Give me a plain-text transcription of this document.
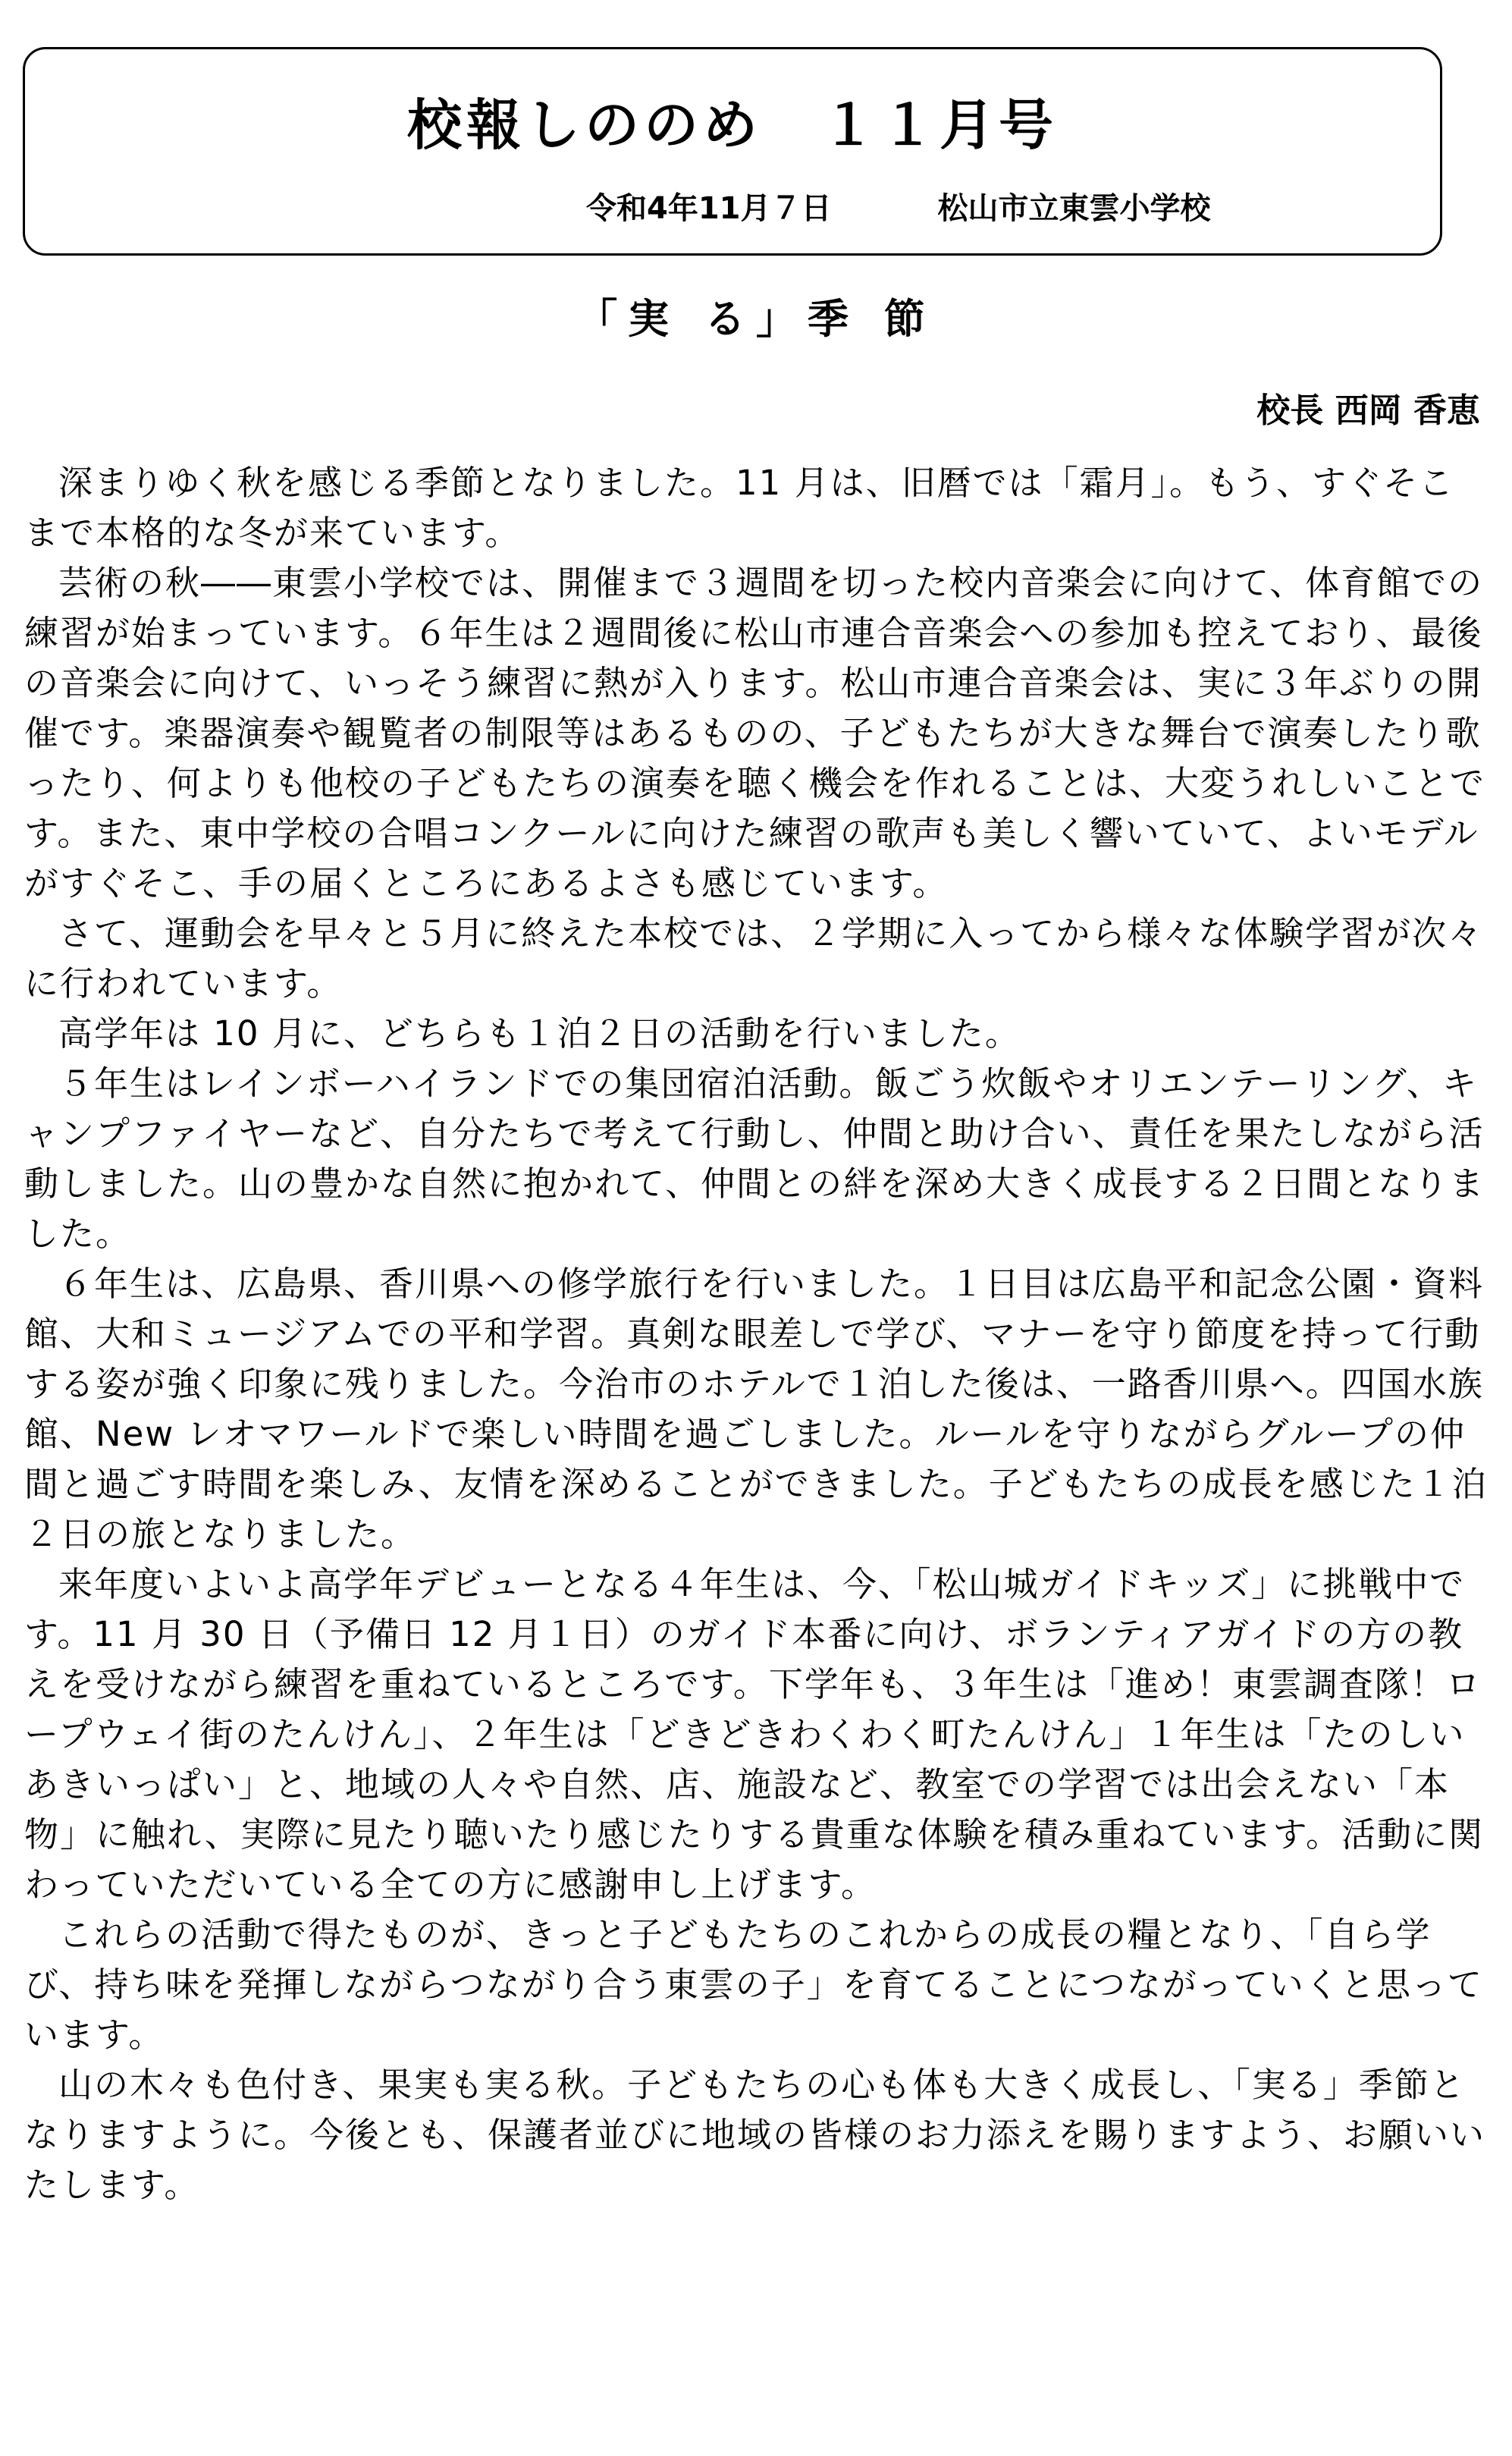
校報しののめ　１１月号
令和4年11月７日	松山市立東雲小学校
「実 る」季 節
校長 西岡 香恵

深まりゆく秋を感じる季節となりました。11 月は、旧暦では「霜月」。もう、すぐそこまで本格的な冬が来ています。

芸術の秋――東雲小学校では、開催まで３週間を切った校内音楽会に向けて、体育館での練習が始まっています。６年生は２週間後に松山市連合音楽会への参加も控えており、最後の音楽会に向けて、いっそう練習に熱が入ります。松山市連合音楽会は、実に３年ぶりの開催です。楽器演奏や観覧者の制限等はあるものの、子どもたちが大きな舞台で演奏したり歌ったり、何よりも他校の子どもたちの演奏を聴く機会を作れることは、大変うれしいことです。また、東中学校の合唱コンクールに向けた練習の歌声も美しく響いていて、よいモデルがすぐそこ、手の届くところにあるよさも感じています。

さて、運動会を早々と５月に終えた本校では、２学期に入ってから様々な体験学習が次々に行われています。

高学年は 10 月に、どちらも１泊２日の活動を行いました。

５年生はレインボーハイランドでの集団宿泊活動。飯ごう炊飯やオリエンテーリング、キャンプファイヤーなど、自分たちで考えて行動し、仲間と助け合い、責任を果たしながら活動しました。山の豊かな自然に抱かれて、仲間との絆を深め大きく成長する２日間となりました。

６年生は、広島県、香川県への修学旅行を行いました。１日目は広島平和記念公園・資料館、大和ミュージアムでの平和学習。真剣な眼差しで学び、マナーを守り節度を持って行動する姿が強く印象に残りました。今治市のホテルで１泊した後は、一路香川県へ。四国水族館、New レオマワールドで楽しい時間を過ごしました。ルールを守りながらグループの仲間と過ごす時間を楽しみ、友情を深めることができました。子どもたちの成長を感じた１泊２日の旅となりました。

来年度いよいよ高学年デビューとなる４年生は、今、「松山城ガイドキッズ」に挑戦中です。11 月 30 日（予備日 12 月１日）のガイド本番に向け、ボランティアガイドの方の教えを受けながら練習を重ねているところです。下学年も、３年生は「進め！東雲調査隊！ロープウェイ街のたんけん」、２年生は「どきどきわくわく町たんけん」１年生は「たのしいあきいっぱい」と、地域の人々や自然、店、施設など、教室での学習では出会えない「本物」に触れ、実際に見たり聴いたり感じたりする貴重な体験を積み重ねています。活動に関わっていただいている全ての方に感謝申し上げます。

これらの活動で得たものが、きっと子どもたちのこれからの成長の糧となり、「自ら学び、持ち味を発揮しながらつながり合う東雲の子」を育てることにつながっていくと思っています。

山の木々も色付き、果実も実る秋。子どもたちの心も体も大きく成長し、「実る」季節となりますように。今後とも、保護者並びに地域の皆様のお力添えを賜りますよう、お願いいたします。
